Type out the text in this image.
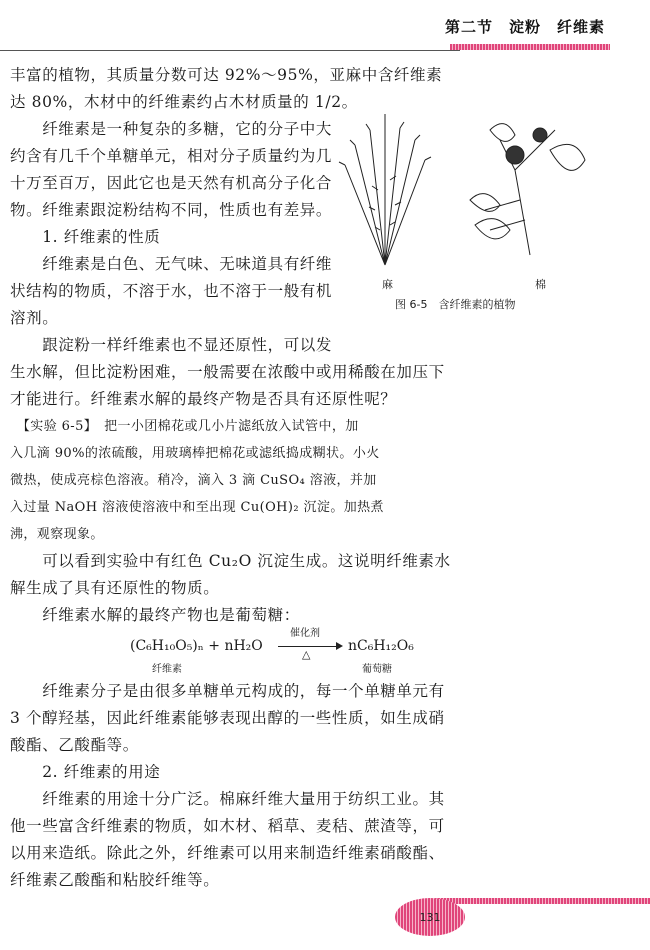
第二节　淀粉　纤维素
丰富的植物，其质量分数可达 92%～95%，亚麻中含纤维素
达 80%，木材中的纤维素约占木材质量的 1/2。
　　纤维素是一种复杂的多糖，它的分子中大
约含有几千个单糖单元，相对分子质量约为几
十万至百万，因此它也是天然有机高分子化合
物。纤维素跟淀粉结构不同，性质也有差异。
　　1. 纤维素的性质
　　纤维素是白色、无气味、无味道具有纤维
状结构的物质，不溶于水，也不溶于一般有机
溶剂。
　　跟淀粉一样纤维素也不显还原性，可以发
生水解，但比淀粉困难，一般需要在浓酸中或用稀酸在加压下
才能进行。纤维素水解的最终产物是否具有还原性呢？
麻	棉
图 6-5　含纤维素的植物
　【实验 6-5】　把一小团棉花或几小片滤纸放入试管中，加
入几滴 90%的浓硫酸，用玻璃棒把棉花或滤纸捣成糊状。小火
微热，使成亮棕色溶液。稍冷，滴入 3 滴 CuSO₄ 溶液，并加
入过量 NaOH 溶液使溶液中和至出现 Cu(OH)₂ 沉淀。加热煮
沸，观察现象。
　　可以看到实验中有红色 Cu₂O 沉淀生成。这说明纤维素水
解生成了具有还原性的物质。
　　纤维素水解的最终产物也是葡萄糖：
(C₆H₁₀O₅)ₙ + nH₂O
催化剂
△
nC₆H₁₂O₆
纤维素	葡萄糖
　　纤维素分子是由很多单糖单元构成的，每一个单糖单元有
3 个醇羟基，因此纤维素能够表现出醇的一些性质，如生成硝
酸酯、乙酸酯等。
　　2. 纤维素的用途
　　纤维素的用途十分广泛。棉麻纤维大量用于纺织工业。其
他一些富含纤维素的物质，如木材、稻草、麦秸、蔗渣等，可
以用来造纸。除此之外，纤维素可以用来制造纤维素硝酸酯、
纤维素乙酸酯和粘胶纤维等。
131
